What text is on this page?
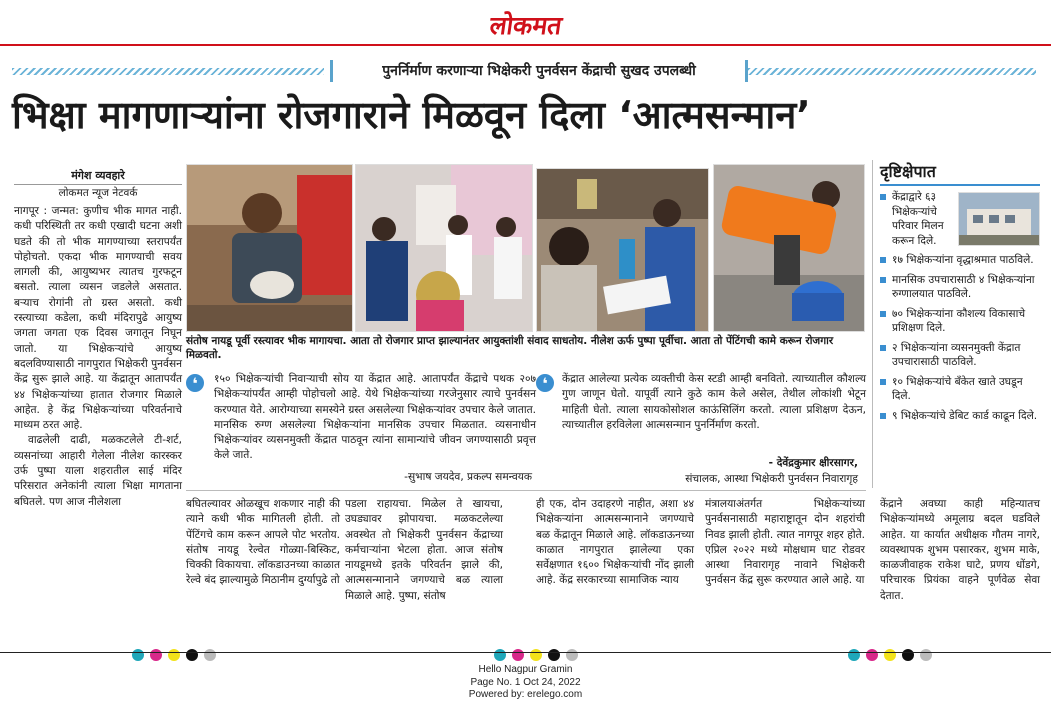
लोकमत
पुनर्निर्माण करणाऱ्या भिक्षेकरी पुनर्वसन केंद्राची सुखद उपलब्धी
भिक्षा मागणाऱ्यांना रोजगाराने मिळवून दिला ‘आत्मसन्मान’
मंगेश व्यवहारे
लोकमत न्यूज नेटवर्क
नागपूर : जन्मत: कुणीच भीक मागत नाही. कधी परिस्थिती तर कधी एखादी घटना अशी घडते की तो भीक मागण्याच्या स्तरापर्यंत पोहोचतो. एकदा भीक मागण्याची सवय लागली की, आयुष्यभर त्यातच गुरफटून बसतो. त्याला व्यसन जडलेले असतात. बऱ्याच रोगांनी तो ग्रस्त असतो. कधी रस्त्याच्या कडेला, कधी मंदिरापुढे आयुष्य जगता जगता एक दिवस जगातून निघून जातो. या भिक्षेकऱ्यांचे आयुष्य बदलविण्यासाठी नागपुरात भिक्षेकरी पुनर्वसन केंद्र सुरू झाले आहे. या केंद्रातून आतापर्यंत ४४ भिक्षेकऱ्यांच्या हातात रोजगार मिळाले आहेत. हे केंद्र भिक्षेकऱ्यांच्या परिवर्तनाचे माध्यम ठरत आहे.
वाढलेली दाढी, मळकटलेले टी-शर्ट, व्यसनांच्या आहारी गेलेला नीलेश कारस्कर उर्फ पुष्पा याला शहरातील साई मंदिर परिसरात अनेकांनी त्याला भिक्षा मागताना बघितले. पण आज नीलेशला
संतोष नायडू पूर्वी रस्त्यावर भीक मागायचा. आता तो रोजगार प्राप्त झाल्यानंतर आयुक्तांशी संवाद साधतोय. नीलेश ऊर्फ पुष्पा पूर्वीचा. आता तो पेंटिंगची कामे करून रोजगार मिळवतो.
❛	१५० भिक्षेकऱ्यांची निवाऱ्याची सोय या केंद्रात आहे. आतापर्यंत केंद्राचे पथक २०७ भिक्षेकऱ्यांपर्यंत आम्ही पोहोचलो आहे. येथे भिक्षेकऱ्यांच्या गरजेनुसार त्याचे पुनर्वसन करण्यात येते. आरोग्याच्या समस्येने ग्रस्त असलेल्या भिक्षेकऱ्यांवर उपचार केले जातात. मानसिक रुग्ण असलेल्या भिक्षेकऱ्यांना मानसिक उपचार मिळतात. व्यसनाधीन भिक्षेकऱ्यांवर व्यसनमुक्ती केंद्रात पाठवून त्यांना सामान्यांचे जीवन जगण्यासाठी प्रवृत्त केले जाते.
-सुभाष जयदेव, प्रकल्प समन्वयक
❛	केंद्रात आलेल्या प्रत्येक व्यक्तीची केस स्टडी आम्ही बनवितो. त्याच्यातील कौशल्य गुण जाणून घेतो. यापूर्वी त्याने कुठे काम केले असेल, तेथील लोकांशी भेटून माहिती घेतो. त्याला सायकोसोशल काऊंसिलिंग करतो. त्याला प्रशिक्षण देऊन, त्याच्यातील हरविलेला आत्मसन्मान पुनर्निर्माण करतो.
- देवेंद्रकुमार क्षीरसागर,
संचालक, आस्था भिक्षेकरी पुनर्वसन निवारागृह
बघितल्यावर ओळखूच शकणार नाही की त्याने कधी भीक मागितली होती. तो पेंटिंगचे काम करून आपले पोट भरतोय. संतोष नायडू रेल्वेत गोळ्या-बिस्किट, चिक्की विकायचा. लॉकडाउनच्या काळात रेल्वे बंद झाल्यामुळे मिठानीम दुर्ग्यापुढे तो
पडला राहायचा. मिळेल ते खायचा, उघड्यावर झोपायचा. मळकटलेल्या अवस्थेत तो भिक्षेकरी पुनर्वसन केंद्राच्या कर्मचाऱ्यांना भेटला होता. आज संतोष नायडूमध्ये इतके परिवर्तन झाले की, आत्मसन्मानाने जगण्याचे बळ त्याला मिळाले आहे. पुष्पा, संतोष
ही एक, दोन उदाहरणे नाहीत, अशा ४४ भिक्षेकऱ्यांना आत्मसन्मानाने जगण्याचे बळ केंद्रातून मिळाले आहे. लॉकडाऊनच्या काळात नागपुरात झालेल्या एका सर्वेक्षणात १६०० भिक्षेकऱ्यांची नोंद झाली आहे. केंद्र सरकारच्या सामाजिक न्याय
मंत्रालयाअंतर्गत भिक्षेकऱ्यांच्या पुनर्वसनासाठी महाराष्ट्रातून दोन शहरांची निवड झाली होती. त्यात नागपूर शहर होते. एप्रिल २०२२ मध्ये मोक्षधाम घाट रोडवर आस्था निवारागृह नावाने भिक्षेकरी पुनर्वसन केंद्र सुरू करण्यात आले आहे. या
केंद्राने अवघ्या काही महिन्यातच भिक्षेकऱ्यांमध्ये अमूलाग्र बदल घडविले आहेत. या कार्यात अधीक्षक गौतम नागरे, व्यवस्थापक शुभम पसारकर, शुभम माके, काळजीवाहक राकेश घाटे, प्रणय धोंडगे, परिचारक प्रियंका वाहने पूर्णवेळ सेवा देतात.
दृष्टिक्षेपात
केंद्राद्वारे ६३ भिक्षेकऱ्यांचे परिवार मिलन करून दिले.
१७ भिक्षेकऱ्यांना वृद्धाश्रमात पाठविले.
मानसिक उपचारासाठी ४ भिक्षेकऱ्यांना रुग्णालयात पाठविले.
७० भिक्षेकऱ्यांना कौशल्य विकासाचे प्रशिक्षण दिले.
२ भिक्षेकऱ्यांना व्यसनमुक्ती केंद्रात उपचारासाठी पाठविले.
१० भिक्षेकऱ्यांचे बँकेत खाते उघडून दिले.
९ भिक्षेकऱ्यांचे डेबिट कार्ड काढून दिले.
Hello Nagpur Gramin
Page No. 1 Oct 24, 2022
Powered by: erelego.com
